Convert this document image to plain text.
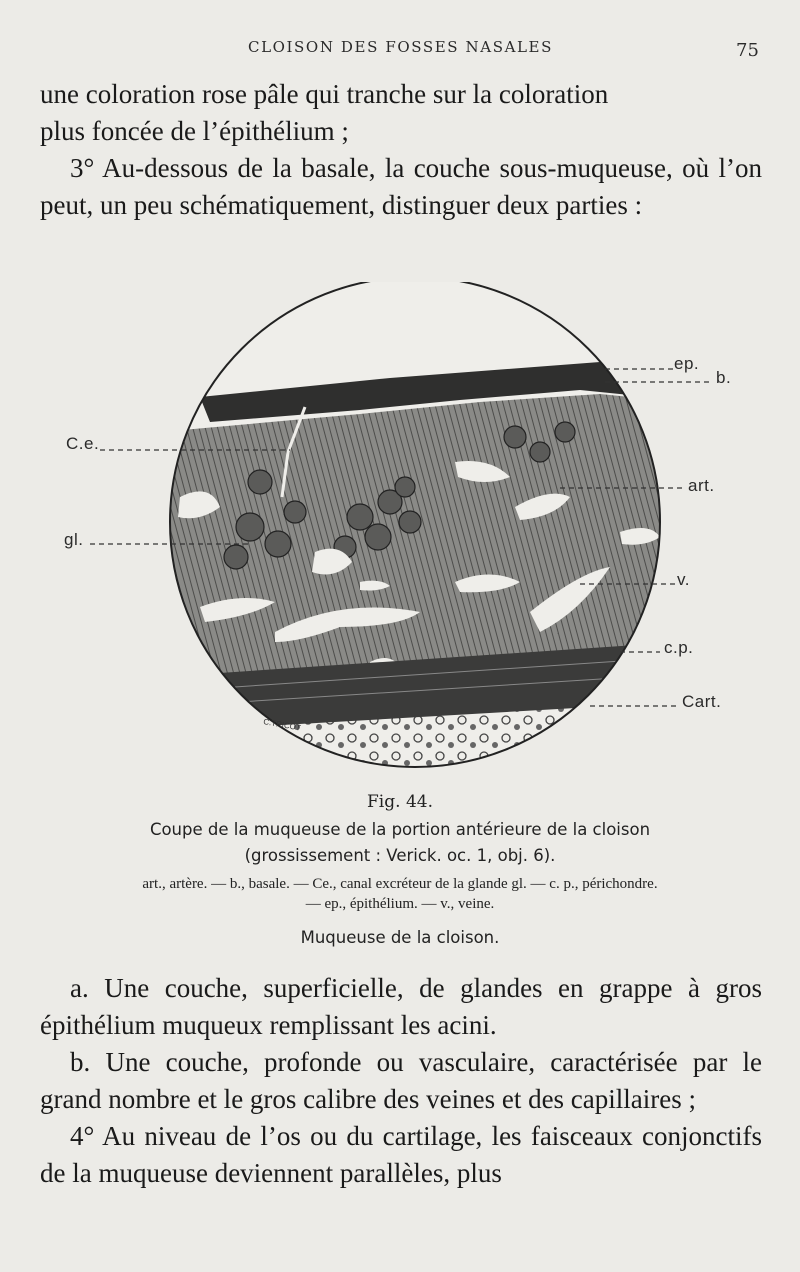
CLOISON DES FOSSES NASALES	75

une coloration rose pâle qui tranche sur la coloration

plus foncée de l’épithélium ;

3° Au-dessous de la basale, la couche sous-muqueuse, où l’on peut, un peu schématiquement, distinguer deux parties :

C.TRICOT
ep.
b.
C.e.
art.
gl.
v.
c.p.
Cart.
Fig. 44.
Coupe de la muqueuse de la portion antérieure de la cloison
(grossissement : Verick. oc. 1, obj. 6).
art., artère. — b., basale. — Ce., canal excréteur de la glande gl. — c. p., périchondre.
— ep., épithélium. — v., veine.
Muqueuse de la cloison.

a. Une couche, superficielle, de glandes en grappe à gros épithélium muqueux remplissant les acini.

b. Une couche, profonde ou vasculaire, caractérisée par le grand nombre et le gros calibre des veines et des capillaires ;

4° Au niveau de l’os ou du cartilage, les faisceaux conjonctifs de la muqueuse deviennent parallèles, plus
